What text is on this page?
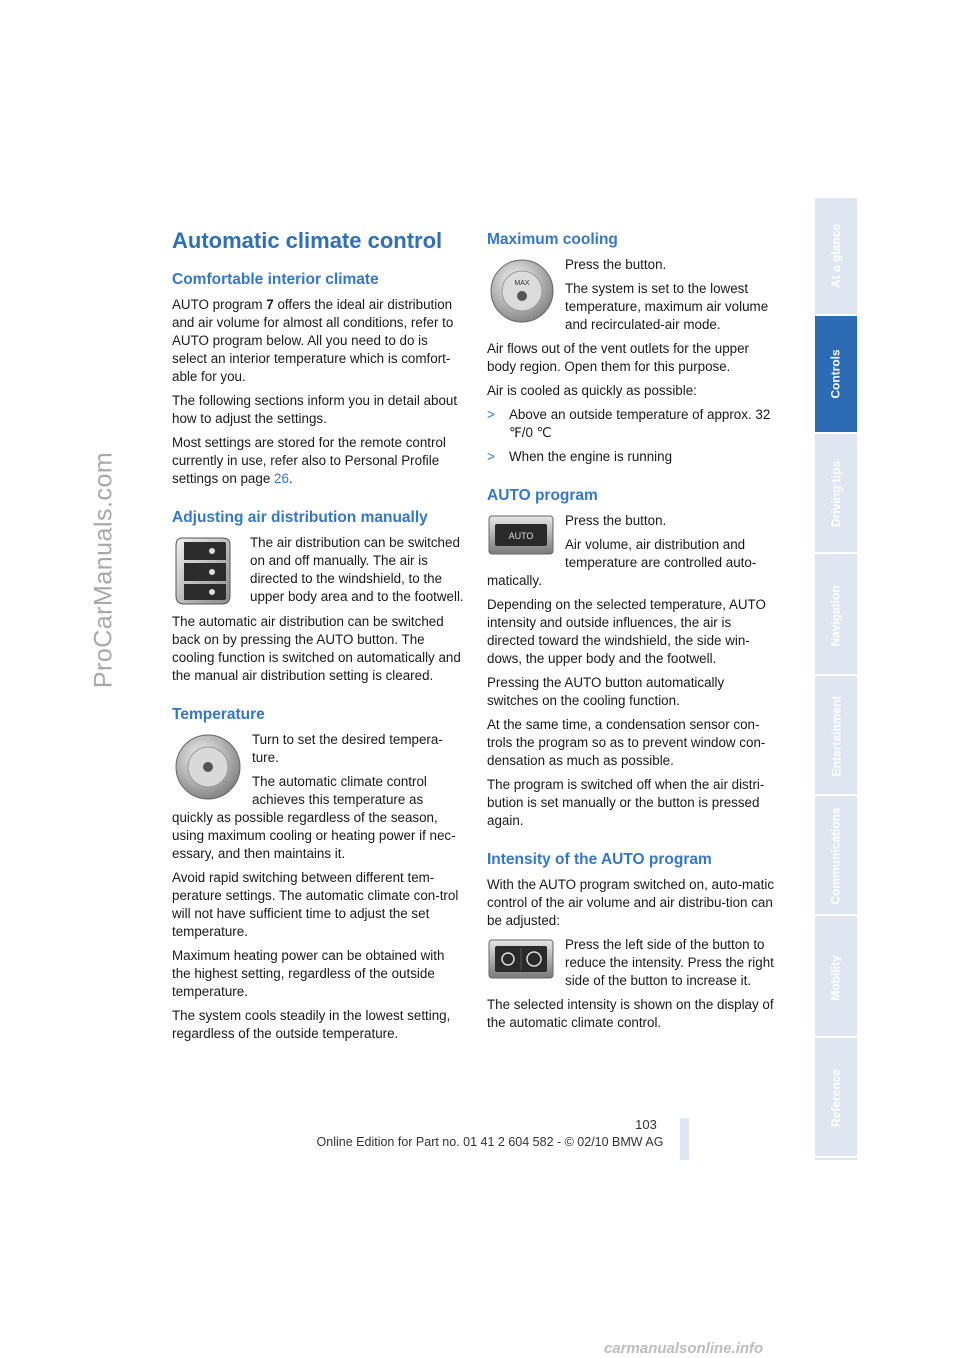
ProCarManuals.com
Automatic climate control
Comfortable interior climate

AUTO program 7 offers the ideal air distribution and air volume for almost all conditions, refer to AUTO program below. All you need to do is select an interior temperature which is comfort-able for you.

The following sections inform you in detail about how to adjust the settings.

Most settings are stored for the remote control currently in use, refer also to Personal Profile settings on page 26.

Adjusting air distribution manually

The air distribution can be switched on and off manually. The air is directed to the windshield, to the upper body area and to the footwell.

The automatic air distribution can be switched back on by pressing the AUTO button. The cooling function is switched on automatically and the manual air distribution setting is cleared.

Temperature

Turn to set the desired tempera-ture.

The automatic climate control achieves this temperature as quickly as possible regardless of the season, using maximum cooling or heating power if nec-essary, and then maintains it.

Avoid rapid switching between different tem-perature settings. The automatic climate con-trol will not have sufficient time to adjust the set temperature.

Maximum heating power can be obtained with the highest setting, regardless of the outside temperature.

The system cools steadily in the lowest setting, regardless of the outside temperature.

Maximum cooling
MAX

Press the button.

The system is set to the lowest temperature, maximum air volume and recirculated-air mode.

Air flows out of the vent outlets for the upper body region. Open them for this purpose.

Air is cooled as quickly as possible:

> Above an outside temperature of approx. 32 ℉/0 ℃
> When the engine is running
AUTO program
AUTO

Press the button.

Air volume, air distribution and temperature are controlled auto-matically.

Depending on the selected temperature, AUTO intensity and outside influences, the air is directed toward the windshield, the side win-dows, the upper body and the footwell.

Pressing the AUTO button automatically switches on the cooling function.

At the same time, a condensation sensor con-trols the program so as to prevent window con-densation as much as possible.

The program is switched off when the air distri-bution is set manually or the button is pressed again.

Intensity of the AUTO program

With the AUTO program switched on, auto-matic control of the air volume and air distribu-tion can be adjusted:

Press the left side of the button to reduce the intensity. Press the right side of the button to increase it.

The selected intensity is shown on the display of the automatic climate control.

At a glance
Controls
Driving tips
Navigation
Entertainment
Communications
Mobility
Reference
103
Online Edition for Part no. 01 41 2 604 582 - © 02/10 BMW AG
carmanualsonline.info
